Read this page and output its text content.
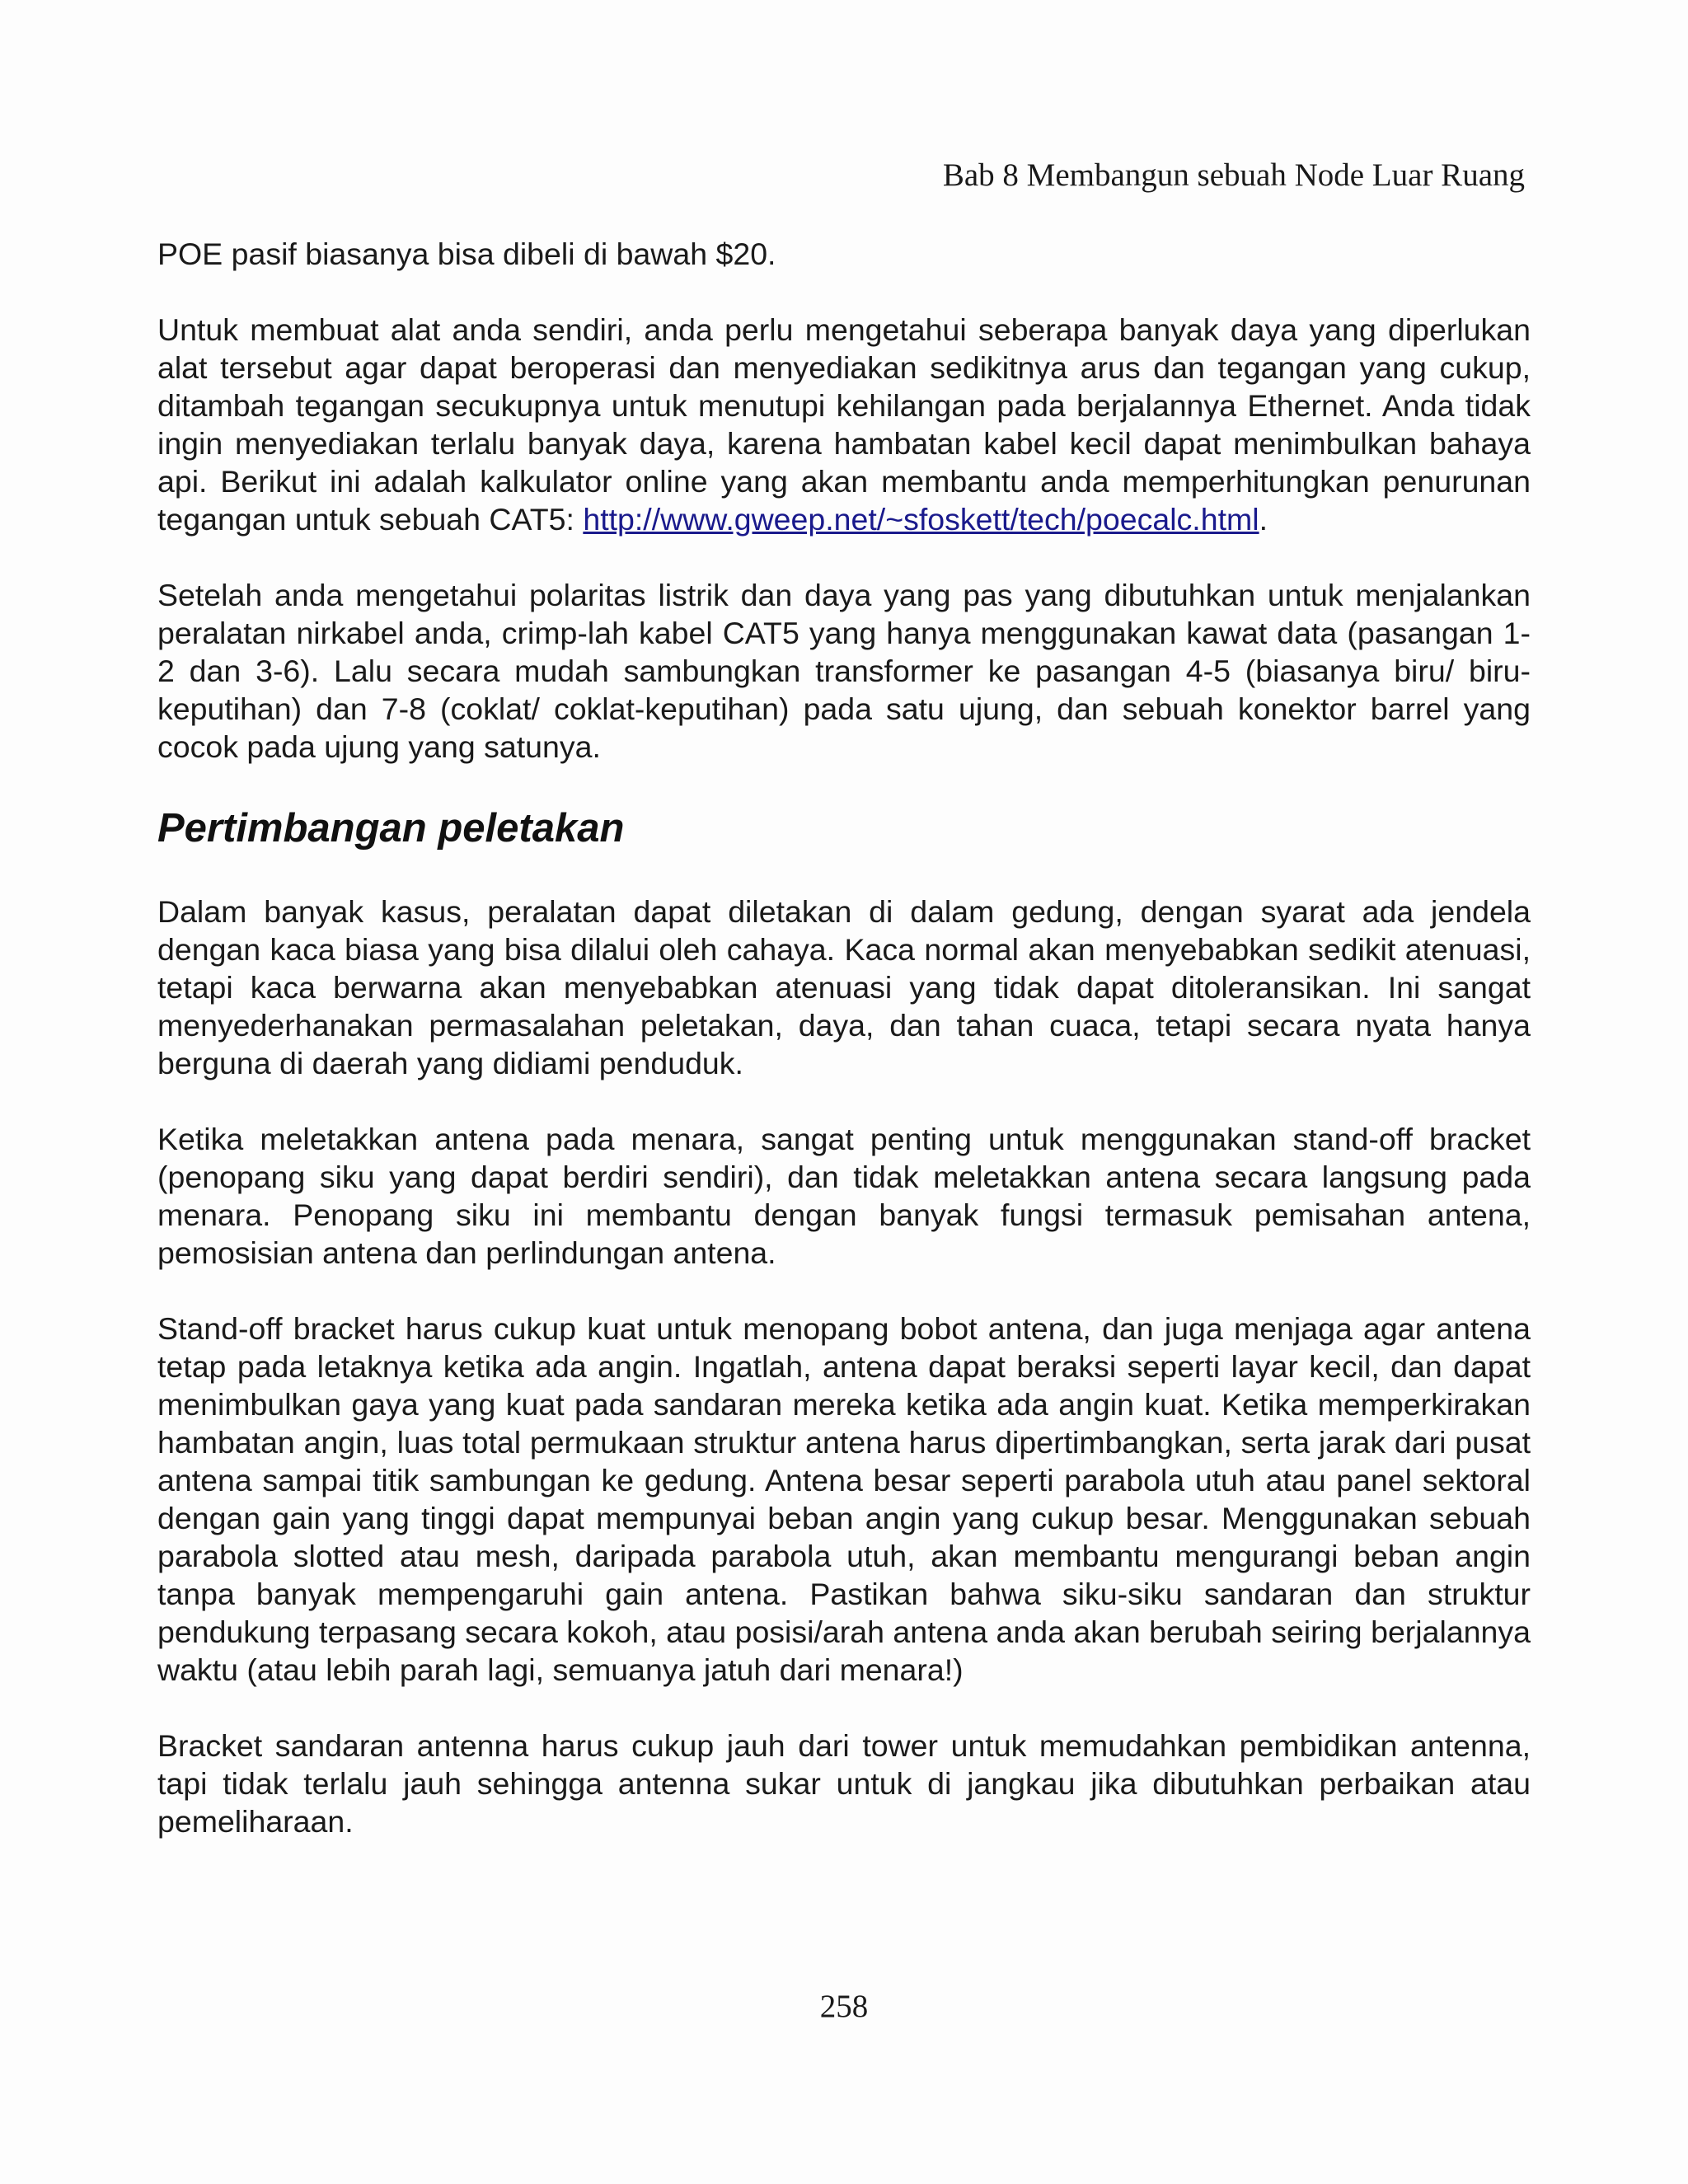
Bab 8 Membangun sebuah Node Luar Ruang

POE pasif biasanya bisa dibeli di bawah $20.

Untuk membuat alat anda sendiri, anda perlu mengetahui seberapa banyak daya yang diperlukan alat tersebut agar dapat beroperasi dan menyediakan sedikitnya arus dan tegangan yang cukup, ditambah tegangan secukupnya untuk menutupi kehilangan pada berjalannya Ethernet. Anda tidak ingin menyediakan terlalu banyak daya, karena hambatan kabel kecil dapat menimbulkan bahaya api. Berikut ini adalah kalkulator online yang akan membantu anda memperhitungkan penurunan tegangan untuk sebuah CAT5: http://www.gweep.net/~sfoskett/tech/poecalc.html.

Setelah anda mengetahui polaritas listrik dan daya yang pas yang dibutuhkan untuk menjalankan peralatan nirkabel anda, crimp-lah kabel CAT5 yang hanya menggunakan kawat data (pasangan 1-2 dan 3-6). Lalu secara mudah sambungkan transformer ke pasangan 4-5 (biasanya biru/ biru-keputihan) dan 7-8 (coklat/ coklat-keputihan) pada satu ujung, dan sebuah konektor barrel yang cocok pada ujung yang satunya.

Pertimbangan peletakan

Dalam banyak kasus, peralatan dapat diletakan di dalam gedung, dengan syarat ada jendela dengan kaca biasa yang bisa dilalui oleh cahaya. Kaca normal akan menyebabkan sedikit atenuasi, tetapi kaca berwarna akan menyebabkan atenuasi yang tidak dapat ditoleransikan. Ini sangat menyederhanakan permasalahan peletakan, daya, dan tahan cuaca, tetapi secara nyata hanya berguna di daerah yang didiami penduduk.

Ketika meletakkan antena pada menara, sangat penting untuk menggunakan stand-off bracket (penopang siku yang dapat berdiri sendiri), dan tidak meletakkan antena secara langsung pada menara. Penopang siku ini membantu dengan banyak fungsi termasuk pemisahan antena, pemosisian antena dan perlindungan antena.

Stand-off bracket harus cukup kuat untuk menopang bobot antena, dan juga menjaga agar antena tetap pada letaknya ketika ada angin. Ingatlah, antena dapat beraksi seperti layar kecil, dan dapat menimbulkan gaya yang kuat pada sandaran mereka ketika ada angin kuat. Ketika memperkirakan hambatan angin, luas total permukaan struktur antena harus dipertimbangkan, serta jarak dari pusat antena sampai titik sambungan ke gedung. Antena besar seperti parabola utuh atau panel sektoral dengan gain yang tinggi dapat mempunyai beban angin yang cukup besar. Menggunakan sebuah parabola slotted atau mesh, daripada parabola utuh, akan membantu mengurangi beban angin tanpa banyak mempengaruhi gain antena. Pastikan bahwa siku-siku sandaran dan struktur pendukung terpasang secara kokoh, atau posisi/arah antena anda akan berubah seiring berjalannya waktu (atau lebih parah lagi, semuanya jatuh dari menara!)

Bracket sandaran antenna harus cukup jauh dari tower untuk memudahkan pembidikan antenna, tapi tidak terlalu jauh sehingga antenna sukar untuk di jangkau jika dibutuhkan perbaikan atau pemeliharaan.

258
